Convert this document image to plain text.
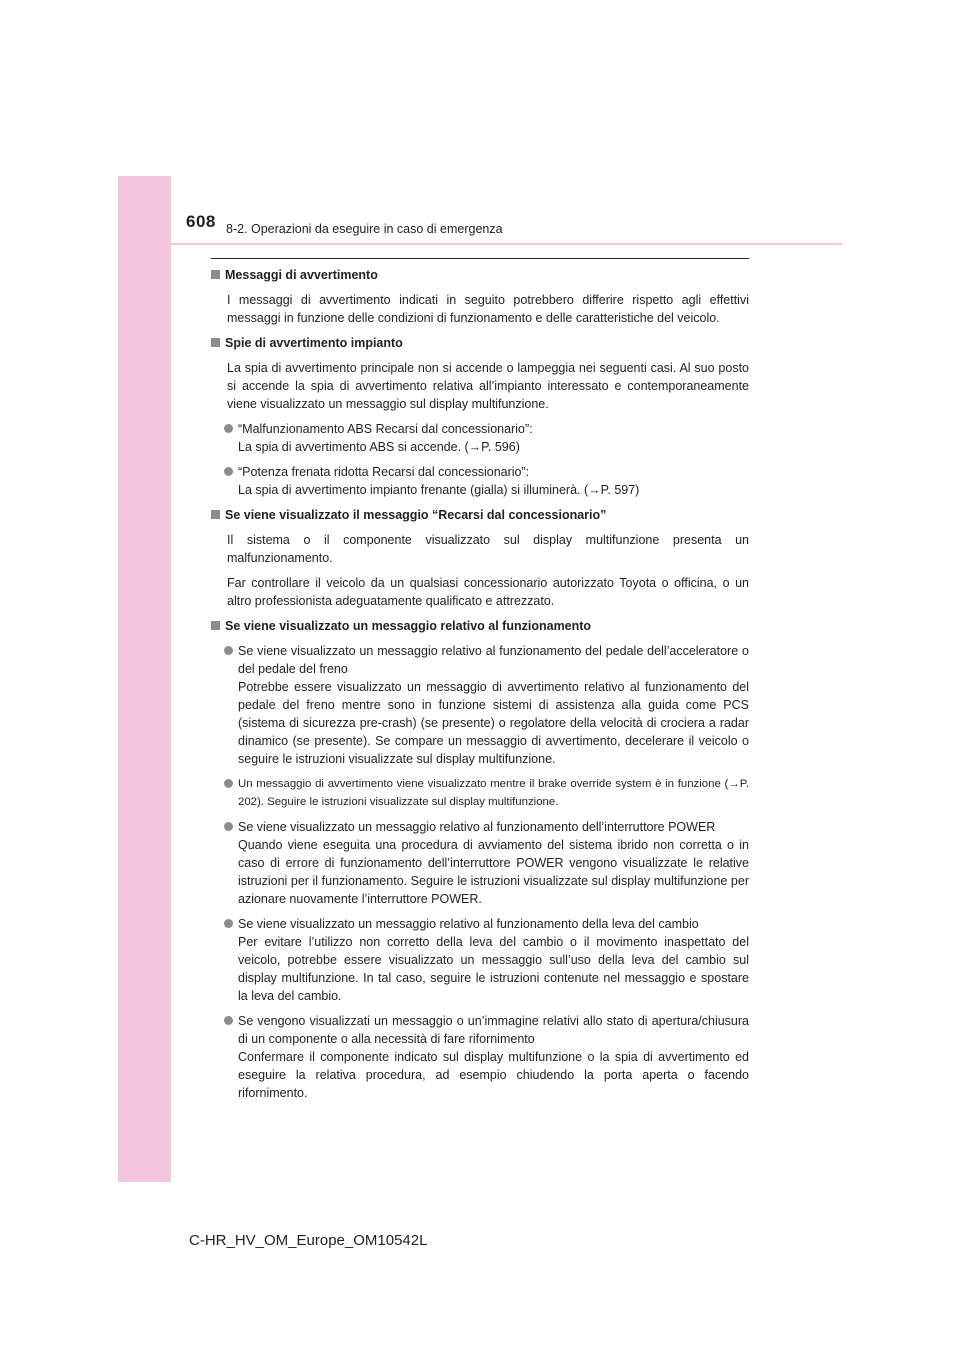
608 8-2. Operazioni da eseguire in caso di emergenza
Messaggi di avvertimento

I messaggi di avvertimento indicati in seguito potrebbero differire rispetto agli effettivi messaggi in funzione delle condizioni di funzionamento e delle caratteristiche del veicolo.

Spie di avvertimento impianto

La spia di avvertimento principale non si accende o lampeggia nei seguenti casi. Al suo posto si accende la spia di avvertimento relativa all’impianto interessato e contemporaneamente viene visualizzato un messaggio sul display multifunzione.

“Malfunzionamento ABS Recarsi dal concessionario”:
La spia di avvertimento ABS si accende. (→P. 596)
“Potenza frenata ridotta Recarsi dal concessionario”:
La spia di avvertimento impianto frenante (gialla) si illuminerà. (→P. 597)
Se viene visualizzato il messaggio “Recarsi dal concessionario”

Il sistema o il componente visualizzato sul display multifunzione presenta un malfunzionamento.

Far controllare il veicolo da un qualsiasi concessionario autorizzato Toyota o officina, o un altro professionista adeguatamente qualificato e attrezzato.

Se viene visualizzato un messaggio relativo al funzionamento
Se viene visualizzato un messaggio relativo al funzionamento del pedale dell’acceleratore o del pedale del freno
Potrebbe essere visualizzato un messaggio di avvertimento relativo al funzionamento del pedale del freno mentre sono in funzione sistemi di assistenza alla guida come PCS (sistema di sicurezza pre-crash) (se presente) o regolatore della velocità di crociera a radar dinamico (se presente). Se compare un messaggio di avvertimento, decelerare il veicolo o seguire le istruzioni visualizzate sul display multifunzione.
Un messaggio di avvertimento viene visualizzato mentre il brake override system è in funzione (→P. 202). Seguire le istruzioni visualizzate sul display multifunzione.
Se viene visualizzato un messaggio relativo al funzionamento dell’interruttore POWER
Quando viene eseguita una procedura di avviamento del sistema ibrido non corretta o in caso di errore di funzionamento dell’interruttore POWER vengono visualizzate le relative istruzioni per il funzionamento. Seguire le istruzioni visualizzate sul display multifunzione per azionare nuovamente l’interruttore POWER.
Se viene visualizzato un messaggio relativo al funzionamento della leva del cambio
Per evitare l’utilizzo non corretto della leva del cambio o il movimento inaspettato del veicolo, potrebbe essere visualizzato un messaggio sull’uso della leva del cambio sul display multifunzione. In tal caso, seguire le istruzioni contenute nel messaggio e spostare la leva del cambio.
Se vengono visualizzati un messaggio o un’immagine relativi allo stato di apertura/chiusura di un componente o alla necessità di fare rifornimento
Confermare il componente indicato sul display multifunzione o la spia di avvertimento ed eseguire la relativa procedura, ad esempio chiudendo la porta aperta o facendo rifornimento.
C-HR_HV_OM_Europe_OM10542L
